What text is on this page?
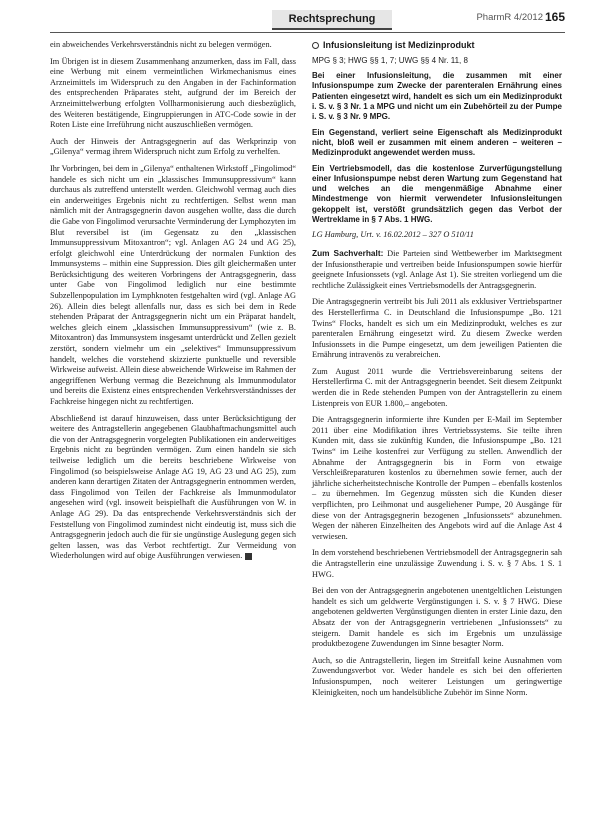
Rechtsprechung	PharmR 4/2012 165

ein abweichendes Verkehrsverständnis nicht zu belegen vermögen.

Im Übrigen ist in diesem Zusammenhang anzumerken, dass im Fall, dass eine Werbung mit einem vermeintlichen Wirkmechanismus eines Arzneimittels im Widerspruch zu den Angaben in der Fachinformation des entsprechenden Präparates steht, aufgrund der im Bereich der Arzneimittelwerbung erfolgten Vollharmonisierung auch diesbezüglich, des Weiteren bestätigende, Eingruppierungen in ATC-Code sowie in der Roten Liste eine Irreführung nicht auszuschließen vermögen.

Auch der Hinweis der Antragsgegnerin auf das Werkprinzip von „Gilenya“ vermag ihrem Widerspruch nicht zum Erfolg zu verhelfen.

Ihr Vorbringen, bei dem in „Gilenya“ enthaltenen Wirkstoff „Fingolimod“ handele es sich nicht um ein „klassisches Immunsuppressivum“ kann durchaus als zutreffend unterstellt werden. Gleichwohl vermag auch dies ein anderweitiges Ergebnis nicht zu rechtfertigen. Selbst wenn man nämlich mit der Antragsgegnerin davon ausgehen wollte, dass die durch die Gabe von Fingolimod verursachte Verminderung der Lymphozyten im Blut reversibel ist (im Gegensatz zu den „klassischen Immunsuppressivum Mitoxantron“; vgl. Anlagen AG 24 und AG 25), erfolgt gleichwohl eine Unterdrückung der normalen Funktion des Immunsystems – mithin eine Suppression. Dies gilt gleichermaßen unter Berücksichtigung des weiteren Vorbringens der Antragsgegnerin, dass unter Gabe von Fingolimod lediglich nur eine bestimmte Subzellenpopulation im Lymphknoten festgehalten wird (vgl. Anlage AG 26). Allein dies belegt allenfalls nur, dass es sich bei dem in Rede stehenden Präparat der Antragsgegnerin nicht um ein Präparat handelt, welches gleich einem „klassischen Immunsuppressivum“ (wie z. B. Mitoxantron) das Immunsystem insgesamt unterdrückt und Zellen gezielt zerstört, sondern vielmehr um ein „selektives“ Immunsuppressivum handelt, welches die vorstehend skizzierte punktuelle und reversible Wirkweise aufweist. Allein diese abweichende Wirkweise im Rahmen der angegriffenen Werbung vermag die Bezeichnung als Immunmodulator und bereits die Existenz eines entsprechenden Verkehrsverständnisses der Fachkreise hingegen nicht zu rechtfertigen.

Abschließend ist darauf hinzuweisen, dass unter Berücksichtigung der weitere des Antragstellerin angegebenen Glaubhaftmachungsmittel auch die von der Antragsgegnerin vorgelegten Publikationen ein anderweitiges Ergebnis nicht zu begründen vermögen. Zum einen handeln sie sich teilweise lediglich um die bereits beschriebene Wirkweise von Fingolimod (so beispielsweise Anlage AG 19, AG 23 und AG 25), zum anderen kann derartigen Zitaten der Antragsgegnerin entnommen werden, dass Fingolimod von Teilen der Fachkreise als Immunmodulator angesehen wird (vgl. insoweit beispielhaft die Ausführungen von W. in Anlage AG 29). Da das entsprechende Verkehrsverständnis sich der Feststellung von Fingolimod zumindest nicht eindeutig ist, muss sich die Antragsgegnerin jedoch auch die für sie ungünstige Auslegung gegen sich gelten lassen, was das Verbot rechtfertigt. Zur Vermeidung von Wiederholungen wird auf obige Ausführungen verwiesen.

Infusionsleitung ist Medizinprodukt
MPG § 3; HWG §§ 1, 7; UWG §§ 4 Nr. 11, 8

Bei einer Infusionsleitung, die zusammen mit einer Infusionspumpe zum Zwecke der parenteralen Ernährung eines Patienten eingesetzt wird, handelt es sich um ein Medizinprodukt i. S. v. § 3 Nr. 1 a MPG und nicht um ein Zubehörteil zu der Pumpe i. S. v. § 3 Nr. 9 MPG.

Ein Gegenstand, verliert seine Eigenschaft als Medizinprodukt nicht, bloß weil er zusammen mit einem anderen – weiteren – Medizinprodukt angewendet werden muss.

Ein Vertriebsmodell, das die kostenlose Zurverfügungstellung einer Infusionspumpe nebst deren Wartung zum Gegenstand hat und welches an die mengenmäßige Abnahme einer Mindestmenge von hiermit verwendeter Infusionsleitungen gekoppelt ist, verstößt grundsätzlich gegen das Verbot der Wertreklame in § 7 Abs. 1 HWG.

LG Hamburg, Urt. v. 16.02.2012 – 327 O 510/11

Zum Sachverhalt: Die Parteien sind Wettbewerber im Marktsegment der Infusionstherapie und vertreiben beide Infusionspumpen sowie hierfür geeignete Infusionssets (vgl. Anlage Ast 1). Sie streiten vorliegend um die rechtliche Zulässigkeit eines Vertriebsmodells der Antragsgegnerin.

Die Antragsgegnerin vertreibt bis Juli 2011 als exklusiver Vertriebspartner des Herstellerfirma C. in Deutschland die Infusionspumpe „Bo. 121 Twins“ Flocks, handelt es sich um ein Medizinprodukt, welches es zur parenteralen Ernährung eingesetzt wird. Zu diesem Zwecke werden Infusionssets in die Pumpe eingesetzt, um dem jeweiligen Patienten die Ernährung intravenös zu verabreichen.

Zum August 2011 wurde die Vertriebsvereinbarung seitens der Herstellerfirma C. mit der Antragsgegnerin beendet. Seit diesem Zeitpunkt werden die in Rede stehenden Pumpen von der Antragstellerin zu einem Listenpreis von EUR 1.800,– angeboten.

Die Antragsgegnerin informierte ihre Kunden per E-Mail im September 2011 über eine Modifikation ihres Vertriebssystems. Sie teilte ihren Kunden mit, dass sie zukünftig Kunden, die Infusionspumpe „Bo. 121 Twins“ im Leihe kostenfrei zur Verfügung zu stellen. Anwendlich der Abnahme der Antragsgegnerin bis in Form von etwaige Verschleißreparaturen kostenlos zu übernehmen sowie ferner, auch der jährliche sicherheitstechnische Kontrolle der Pumpen – ebenfalls kostenlos – zu übernehmen. Im Gegenzug müssten sich die Kunden dieser verpflichten, pro Leihmonat und ausgeliehener Pumpe, 20 Ausgänge für diese von der Antragsgegnerin bezogenen „Infusionssets“ abzunehmen. Wegen der näheren Einzelheiten des Angebots wird auf die Anlage Ast 4 verwiesen.

In dem vorstehend beschriebenen Vertriebsmodell der Antragsgegnerin sah die Antragstellerin eine unzulässige Zuwendung i. S. v. § 7 Abs. 1 S. 1 HWG.

Bei den von der Antragsgegnerin angebotenen unentgeltlichen Leistungen handelt es sich um geldwerte Vergünstigungen i. S. v. § 7 HWG. Diese angebotenen geldwerten Vergünstigungen dienten in erster Linie dazu, den Absatz der von der Antragsgegnerin vertriebenen „Infusionssets“ zu steigern. Damit handele es sich im Ergebnis um unzulässige produktbezogene Zuwendungen im Sinne besagter Norm.

Auch, so die Antragstellerin, liegen im Streitfall keine Ausnahmen vom Zuwendungsverbot vor. Weder handele es sich bei den offerierten Infusionspumpen, noch weiterer Leistungen um geringwertige Kleinigkeiten, noch um handelsübliche Zubehör im Sinne Norm.
